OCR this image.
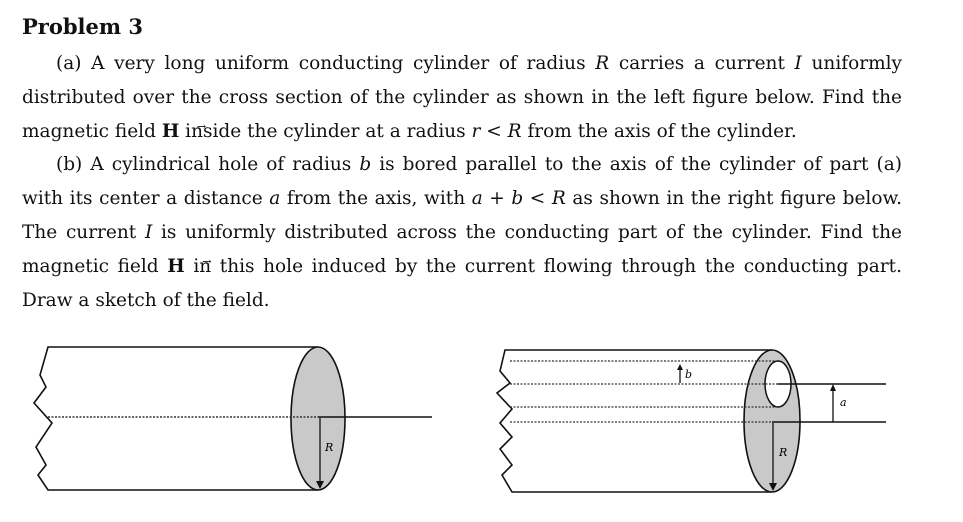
Problem 3
(a) A very long uniform conducting cylinder of radius R carries a current I uniformly distributed over the cross section of the cylinder as shown in the left figure below. Find the magnetic field → H inside the cylinder at a radius r < R from the axis of the cylinder.
(b) A cylindrical hole of radius b is bored parallel to the axis of the cylinder of part (a) with its center a distance a from the axis, with a + b < R as shown in the right figure below. The current I is uniformly distributed across the conducting part of the cylinder. Find the magnetic field → H in this hole induced by the current flowing through the conducting part. Draw a sketch of the field.
R
b
a
R
